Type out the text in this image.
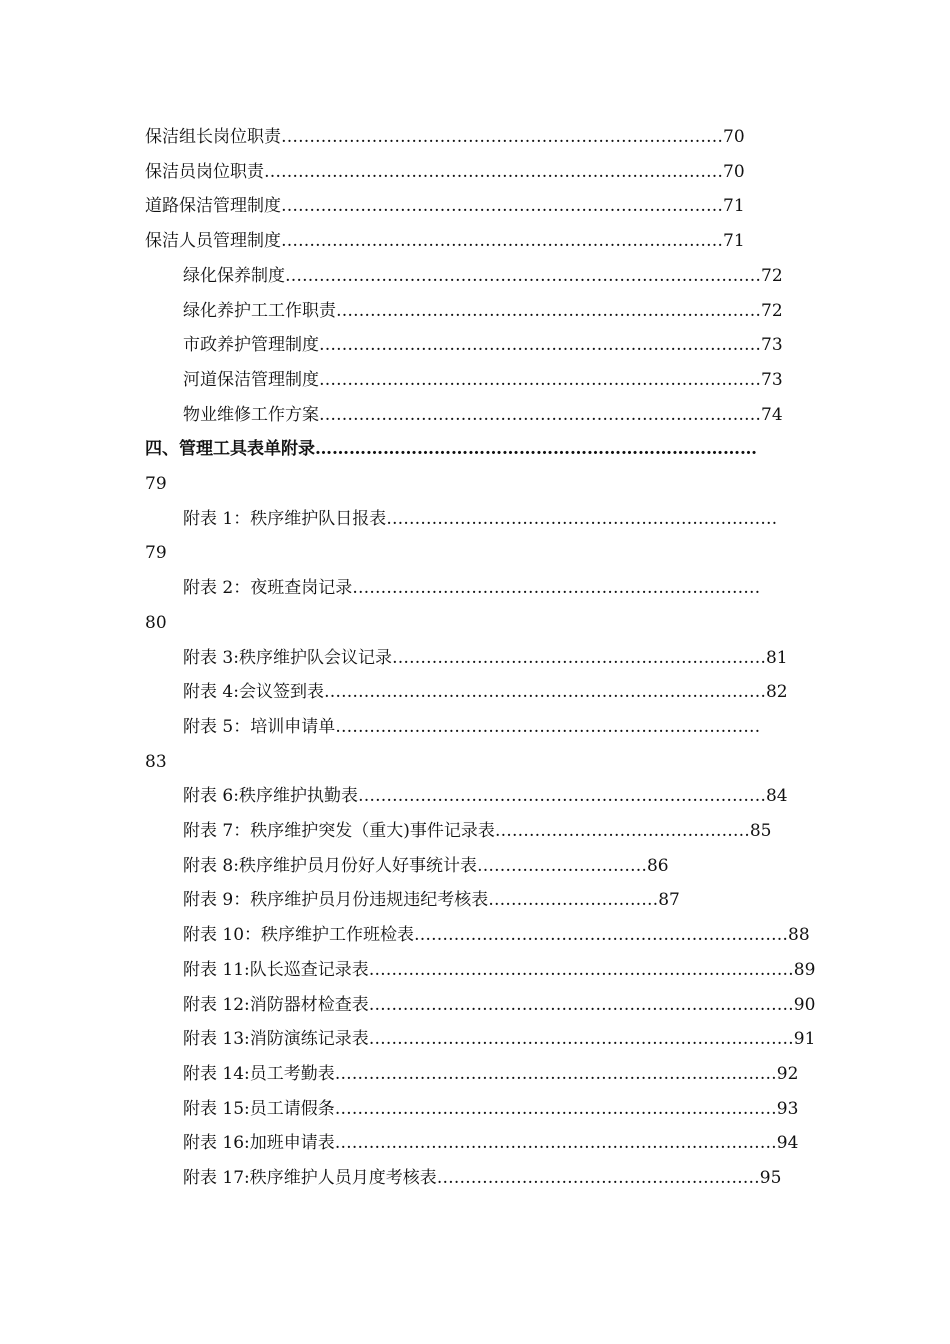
保洁组长岗位职责……………………………………………………………………70
保洁员岗位职责………………………………………………………………………70
道路保洁管理制度……………………………………………………………………71
保洁人员管理制度……………………………………………………………………71
绿化保养制度…………………………………………………………………………72
绿化养护工工作职责…………………………………………………………………72
市政养护管理制度……………………………………………………………………73
河道保洁管理制度……………………………………………………………………73
物业维修工作方案……………………………………………………………………74
四、管理工具表单附录……………………………………………………………………
79
附表 1：秩序维护队日报表……………………………………………………………
79
附表 2：夜班查岗记录………………………………………………………………
80
附表 3:秩序维护队会议记录…………………………………………………………81
附表 4:会议签到表……………………………………………………………………82
附表 5：培训申请单…………………………………………………………………
83
附表 6:秩序维护执勤表………………………………………………………………84
附表 7：秩序维护突发（重大)事件记录表………………………………………85
附表 8:秩序维护员月份好人好事统计表…………………………86
附表 9：秩序维护员月份违规违纪考核表…………………………87
附表 10：秩序维护工作班检表…………………………………………………………88
附表 11:队长巡查记录表…………………………………………………………………89
附表 12:消防器材检查表…………………………………………………………………90
附表 13:消防演练记录表…………………………………………………………………91
附表 14:员工考勤表……………………………………………………………………92
附表 15:员工请假条……………………………………………………………………93
附表 16:加班申请表……………………………………………………………………94
附表 17:秩序维护人员月度考核表…………………………………………………95
